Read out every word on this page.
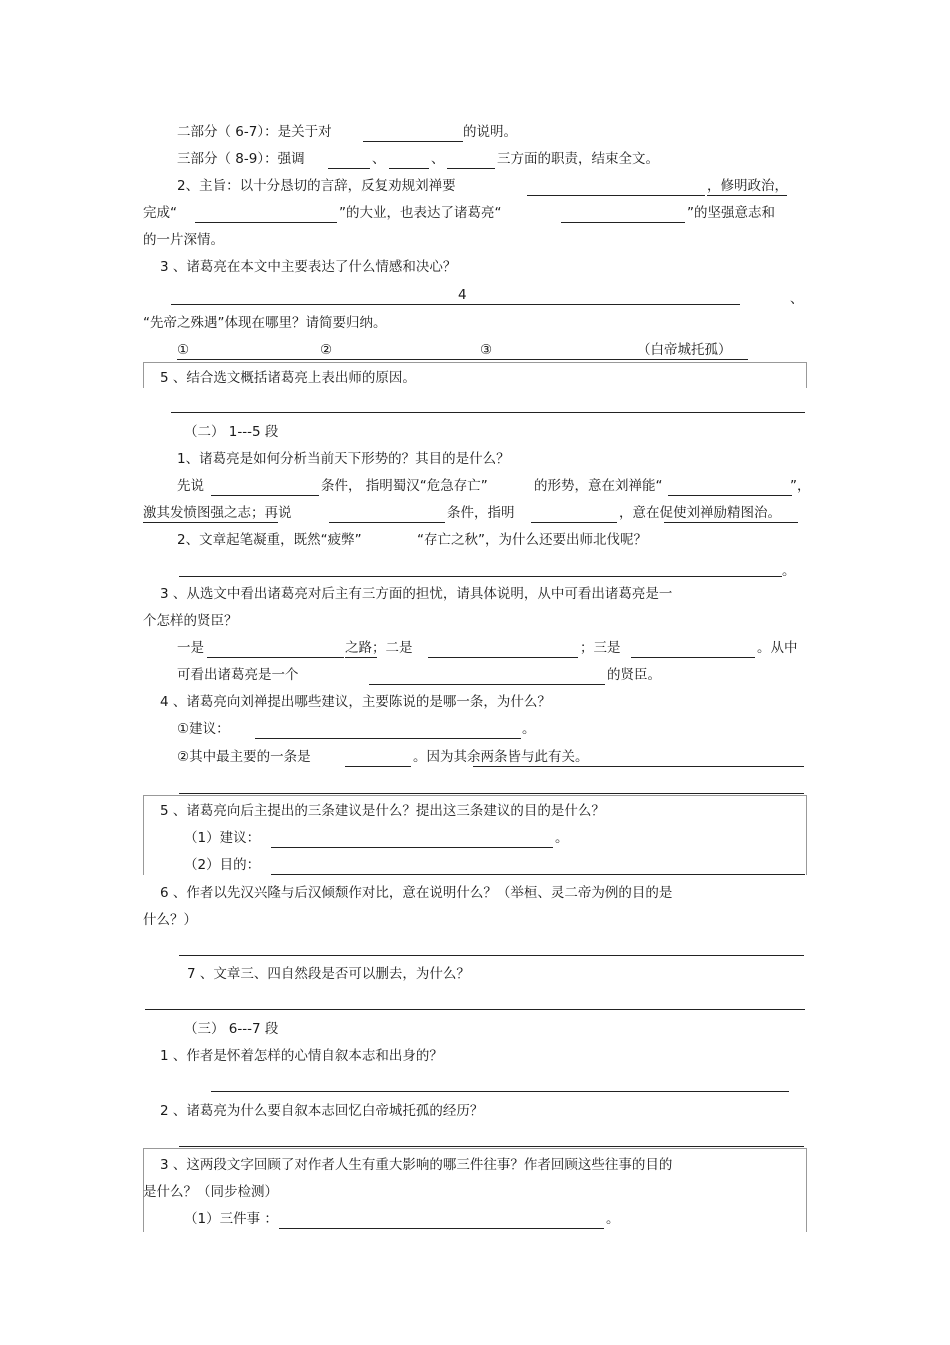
二部分（ 6-7）：是关于对	的说明。
三部分（ 8-9）：强调	、	、	三方面的职责，结束全文。
2、主旨：以十分恳切的言辞，反复劝规刘禅要	，修明政治，
完成“	”的大业，也表达了诸葛亮“	”的坚强意志和
的一片深情。
3 、诸葛亮在本文中主要表达了什么情感和决心？
4	、
“先帝之殊遇”体现在哪里？请简要归纳。
①	②	③	（白帝城托孤）
5 、结合选文概括诸葛亮上表出师的原因。
（二） 1---5 段
1、诸葛亮是如何分析当前天下形势的？其目的是什么？
先说	条件， 指明蜀汉“危急存亡”	的形势，意在刘禅能“	”，
激其发愤图强之志；再说	条件，指明	，意在促使刘禅励精图治。
2、文章起笔凝重，既然“疲弊”	“存亡之秋”，为什么还要出师北伐呢？
。
3 、从选文中看出诸葛亮对后主有三方面的担忧，请具体说明，从中可看出诸葛亮是一
个怎样的贤臣？
一是	之路；二是	；三是	。从中
可看出诸葛亮是一个	的贤臣。
4 、诸葛亮向刘禅提出哪些建议，主要陈说的是哪一条，为什么？
①建议：	。
②其中最主要的一条是	。因为其余两条皆与此有关。
5 、诸葛亮向后主提出的三条建议是什么？提出这三条建议的目的是什么？
（1）建议：	。
（2）目的：
6 、作者以先汉兴隆与后汉倾颓作对比，意在说明什么？（举桓、灵二帝为例的目的是
什么？）
7 、文章三、四自然段是否可以删去，为什么？
（三） 6---7 段
1 、作者是怀着怎样的心情自叙本志和出身的？
2 、诸葛亮为什么要自叙本志回忆白帝城托孤的经历？
3 、这两段文字回顾了对作者人生有重大影响的哪三件往事？作者回顾这些往事的目的
是什么？（同步检测）
（1）三件事 ：	。
